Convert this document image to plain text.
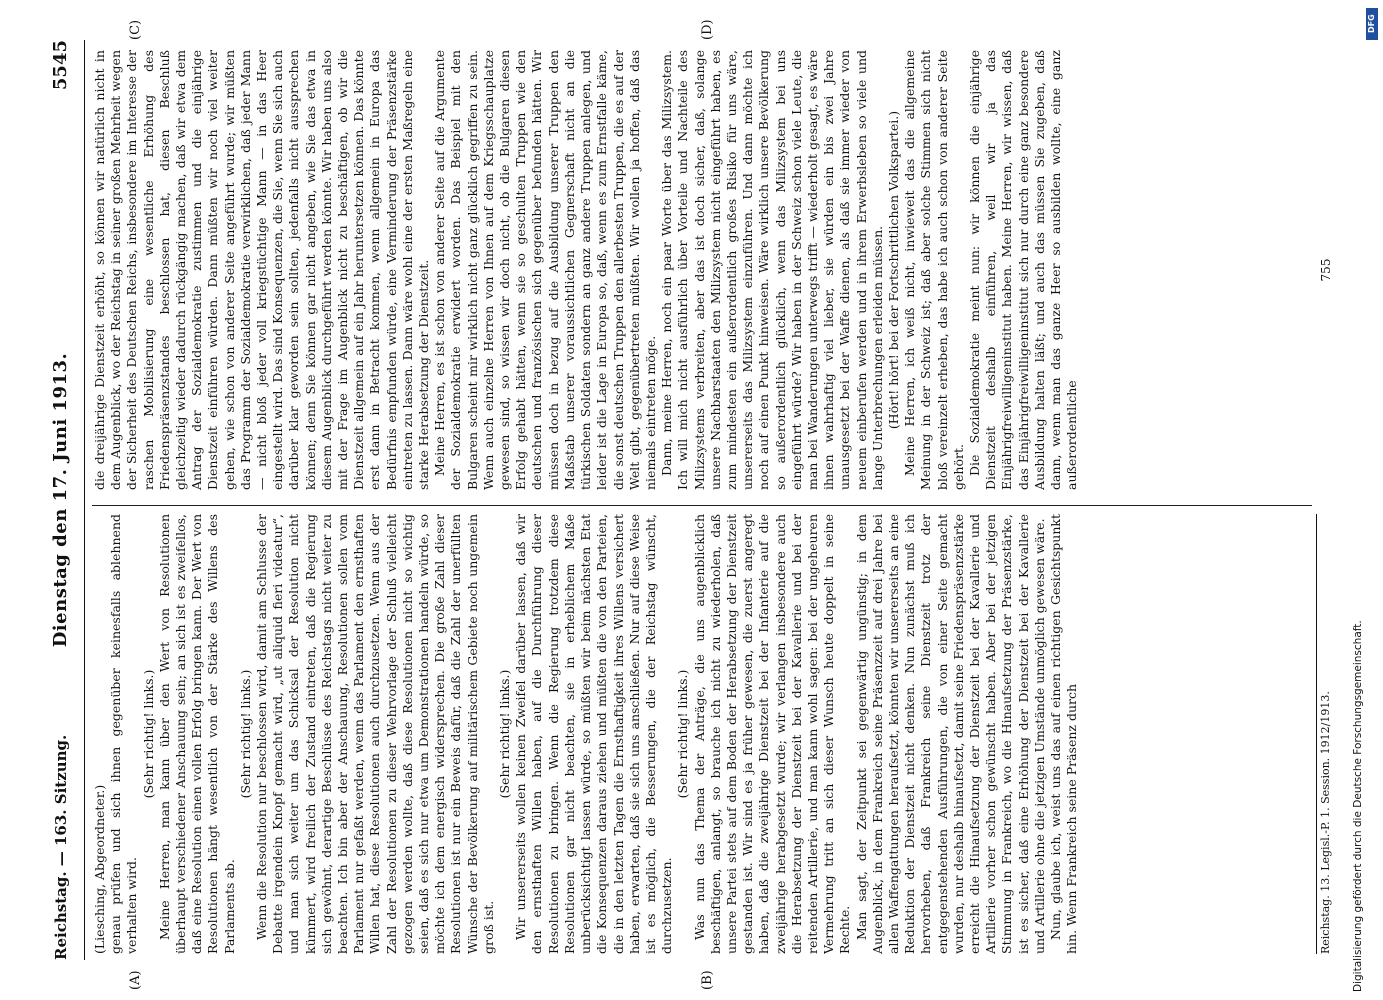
Reichstag. — 163. Sitzung.
Dienstag den 17. Juni 1913.
5545
(A)	(B)
(C)	(D)

(Liesching, Abgeordneter.) genau prüfen und sich ihnen gegenüber keinesfalls ablehnend verhalten wird.

(Sehr richtig! links.) Meine Herren, man kann über den Wert von Resolutionen überhaupt verschiedener Anschauung sein; an sich ist es zweifellos, daß eine Resolution einen vollen Erfolg bringen kann. Der Wert von Resolutionen hängt wesentlich von der Stärke des Willens des Parlaments ab.

(Sehr richtig! links.) Wenn die Resolution nur beschlossen wird, damit am Schlusse der Debatte irgendein Knopf gemacht wird, „ut aliquid fieri videatur“, und man sich weiter um das Schicksal der Resolution nicht kümmert, wird freilich der Zustand eintreten, daß die Regierung sich gewöhnt, derartige Beschlüsse des Reichstags nicht weiter zu beachten. Ich bin aber der Anschauung, Resolutionen sollen vom Parlament nur gefaßt werden, wenn das Parlament den ernsthaften Willen hat, diese Resolutionen auch durchzusetzen. Wenn aus der Zahl der Resolutionen zu dieser Wehrvorlage der Schluß vielleicht gezogen werden wollte, daß diese Resolutionen nicht so wichtig seien, daß es sich nur etwa um Demonstrationen handeln würde, so möchte ich dem energisch widersprechen. Die große Zahl dieser Resolutionen ist nur ein Beweis dafür, daß die Zahl der unerfüllten Wünsche der Bevölkerung auf militärischem Gebiete noch ungemein groß ist.

(Sehr richtig! links.) Wir unsererseits wollen keinen Zweifel darüber lassen, daß wir den ernsthaften Willen haben, auf die Durchführung dieser Resolutionen zu bringen. Wenn die Regierung trotzdem diese Resolutionen gar nicht beachten, sie in erheblichem Maße unberücksichtigt lassen würde, so müßten wir beim nächsten Etat die Konsequenzen daraus ziehen und müßten die von den Parteien, die in den letzten Tagen die Ernsthaftigkeit ihres Willens versichert haben, erwarten, daß sie sich uns anschließen. Nur auf diese Weise ist es möglich, die Besserungen, die der Reichstag wünscht, durchzusetzen.

(Sehr richtig! links.) Was nun das Thema der Anträge, die uns augenblicklich beschäftigen, anlangt, so brauche ich nicht zu wiederholen, daß unsere Partei stets auf dem Boden der Herabsetzung der Dienstzeit gestanden ist. Wir sind es ja früher gewesen, die zuerst angeregt haben, daß die zweijährige Dienstzeit bei der Infanterie auf die zweijährige herabgesetzt wurde; wir verlangen insbesondere auch die Herabsetzung der Dienstzeit bei der Kavallerie und bei der reitenden Artillerie, und man kann wohl sagen: bei der ungeheuren Vermehrung tritt an sich dieser Wunsch heute doppelt in seine Rechte. Man sagt, der Zeitpunkt sei gegenwärtig ungünstig; in dem Augenblick, in dem Frankreich seine Präsenzzeit auf drei Jahre bei allen Waffengattungen heraufsetzt, könnten wir unsererseits an eine Reduktion der Dienstzeit nicht denken. Nun zunächst muß ich hervorheben, daß Frankreich seine Dienstzeit trotz der entgegenstehenden Ausführungen, die von einer Seite gemacht wurden, nur deshalb hinaufsetzt, damit seine Friedenspräsenzstärke erreicht die Hinaufsetzung der Dienstzeit bei der Kavallerie und Artillerie vorher schon gewünscht haben. Aber bei der jetzigen Stimmung in Frankreich, wo die Hinaufsetzung der Präsenzstärke, ist es sicher, daß eine Erhöhung der Dienstzeit bei der Kavallerie und Artillerie ohne die jetzigen Umstände unmöglich gewesen wäre. Nun, glaube ich, weist uns das auf einen richtigen Gesichtspunkt hin. Wenn Frankreich seine Präsenz durch

die dreijährige Dienstzeit erhöht, so können wir natürlich nicht in dem Augenblick, wo der Reichstag in seiner großen Mehrheit wegen der Sicherheit des Deutschen Reichs, insbesondere im Interesse der raschen Mobilisierung eine wesentliche Erhöhung des Friedenspräsenzstandes beschlossen hat, diesen Beschluß gleichzeitig wieder dadurch rückgängig machen, daß wir etwa dem Antrag der Sozialdemokratie zustimmen und die einjährige Dienstzeit einführen würden. Dann müßten wir noch viel weiter gehen, wie schon von anderer Seite angeführt wurde; wir müßten das Programm der Sozialdemokratie verwirklichen, daß jeder Mann — nicht bloß jeder voll kriegstüchtige Mann — in das Heer eingestellt wird. Das sind Konsequenzen, die Sie, wenn Sie sich auch darüber klar geworden sein sollten, jedenfalls nicht aussprechen können; denn Sie können gar nicht angeben, wie Sie das etwa in diesem Augenblick durchgeführt werden könnte. Wir haben uns also mit der Frage im Augenblick nicht zu beschäftigen, ob wir die Dienstzeit allgemein auf ein Jahr heruntersetzen können. Das könnte erst dann in Betracht kommen, wenn allgemein in Europa das Bedürfnis empfunden würde, eine Verminderung der Präsenzstärke eintreten zu lassen. Dann wäre wohl eine der ersten Maßregeln eine starke Herabsetzung der Dienstzeit. Meine Herren, es ist schon von anderer Seite auf die Argumente der Sozialdemokratie erwidert worden. Das Beispiel mit den Bulgaren scheint mir wirklich nicht ganz glücklich gegriffen zu sein. Wenn auch einzelne Herren von Ihnen auf dem Kriegsschauplatze gewesen sind, so wissen wir doch nicht, ob die Bulgaren diesen Erfolg gehabt hätten, wenn sie so geschulten Truppen wie den deutschen und französischen sich gegenüber befunden hätten. Wir müssen doch in bezug auf die Ausbildung unserer Truppen den Maßstab unserer voraussichtlichen Gegnerschaft nicht an die türkischen Soldaten sondern an ganz andere Truppen anlegen, und leider ist die Lage in Europa so, daß, wenn es zum Ernstfalle käme, die sonst deutschen Truppen den allerbesten Truppen, die es auf der Welt gibt, gegenübertreten müßten. Wir wollen ja hoffen, daß das niemals eintreten möge. Dann, meine Herren, noch ein paar Worte über das Milizsystem. Ich will mich nicht ausführlich über Vorteile und Nachteile des Milizsystems verbreiten, aber das ist doch sicher, daß, solange unsere Nachbarstaaten den Milizsystem nicht eingeführt haben, es zum mindesten ein außerordentlich großes Risiko für uns wäre, unsererseits das Milizsystem einzuführen. Und dann möchte ich noch auf einen Punkt hinweisen. Wäre wirklich unsere Bevölkerung so außerordentlich glücklich, wenn das Milizsystem bei uns eingeführt würde? Wir haben in der Schweiz schon viele Leute, die man bei Wanderungen unterwegs trifft — wiederholt gesagt, es wäre ihnen wahrhaftig viel lieber, sie würden ein bis zwei Jahre unausgesetzt bei der Waffe dienen, als daß sie immer wieder von neuem einberufen werden und in ihrem Erwerbsleben so viele und lange Unterbrechungen erleiden müssen. (Hört! hört! bei der Fortschrittlichen Volkspartei.) Meine Herren, ich weiß nicht, inwieweit das die allgemeine Meinung in der Schweiz ist; daß aber solche Stimmen sich nicht bloß vereinzelt erheben, das habe ich auch schon von anderer Seite gehört. Die Sozialdemokratie meint nun: wir können die einjährige Dienstzeit deshalb einführen, weil wir ja das Einjährigfreiwilligeninstitut haben. Meine Herren, wir wissen, daß das Einjährigfreiwilligeninstitut sich nur durch eine ganz besondere Ausbildung halten läßt; und auch das müssen Sie zugeben, daß dann, wenn man das ganze Heer so ausbilden wollte, eine ganz außerordentliche

Reichstag. 13. Legisl.-P. 1. Session. 1912/1913.
755
Digitalisierung gefördert durch die Deutsche Forschungsgemeinschaft.
DFG
